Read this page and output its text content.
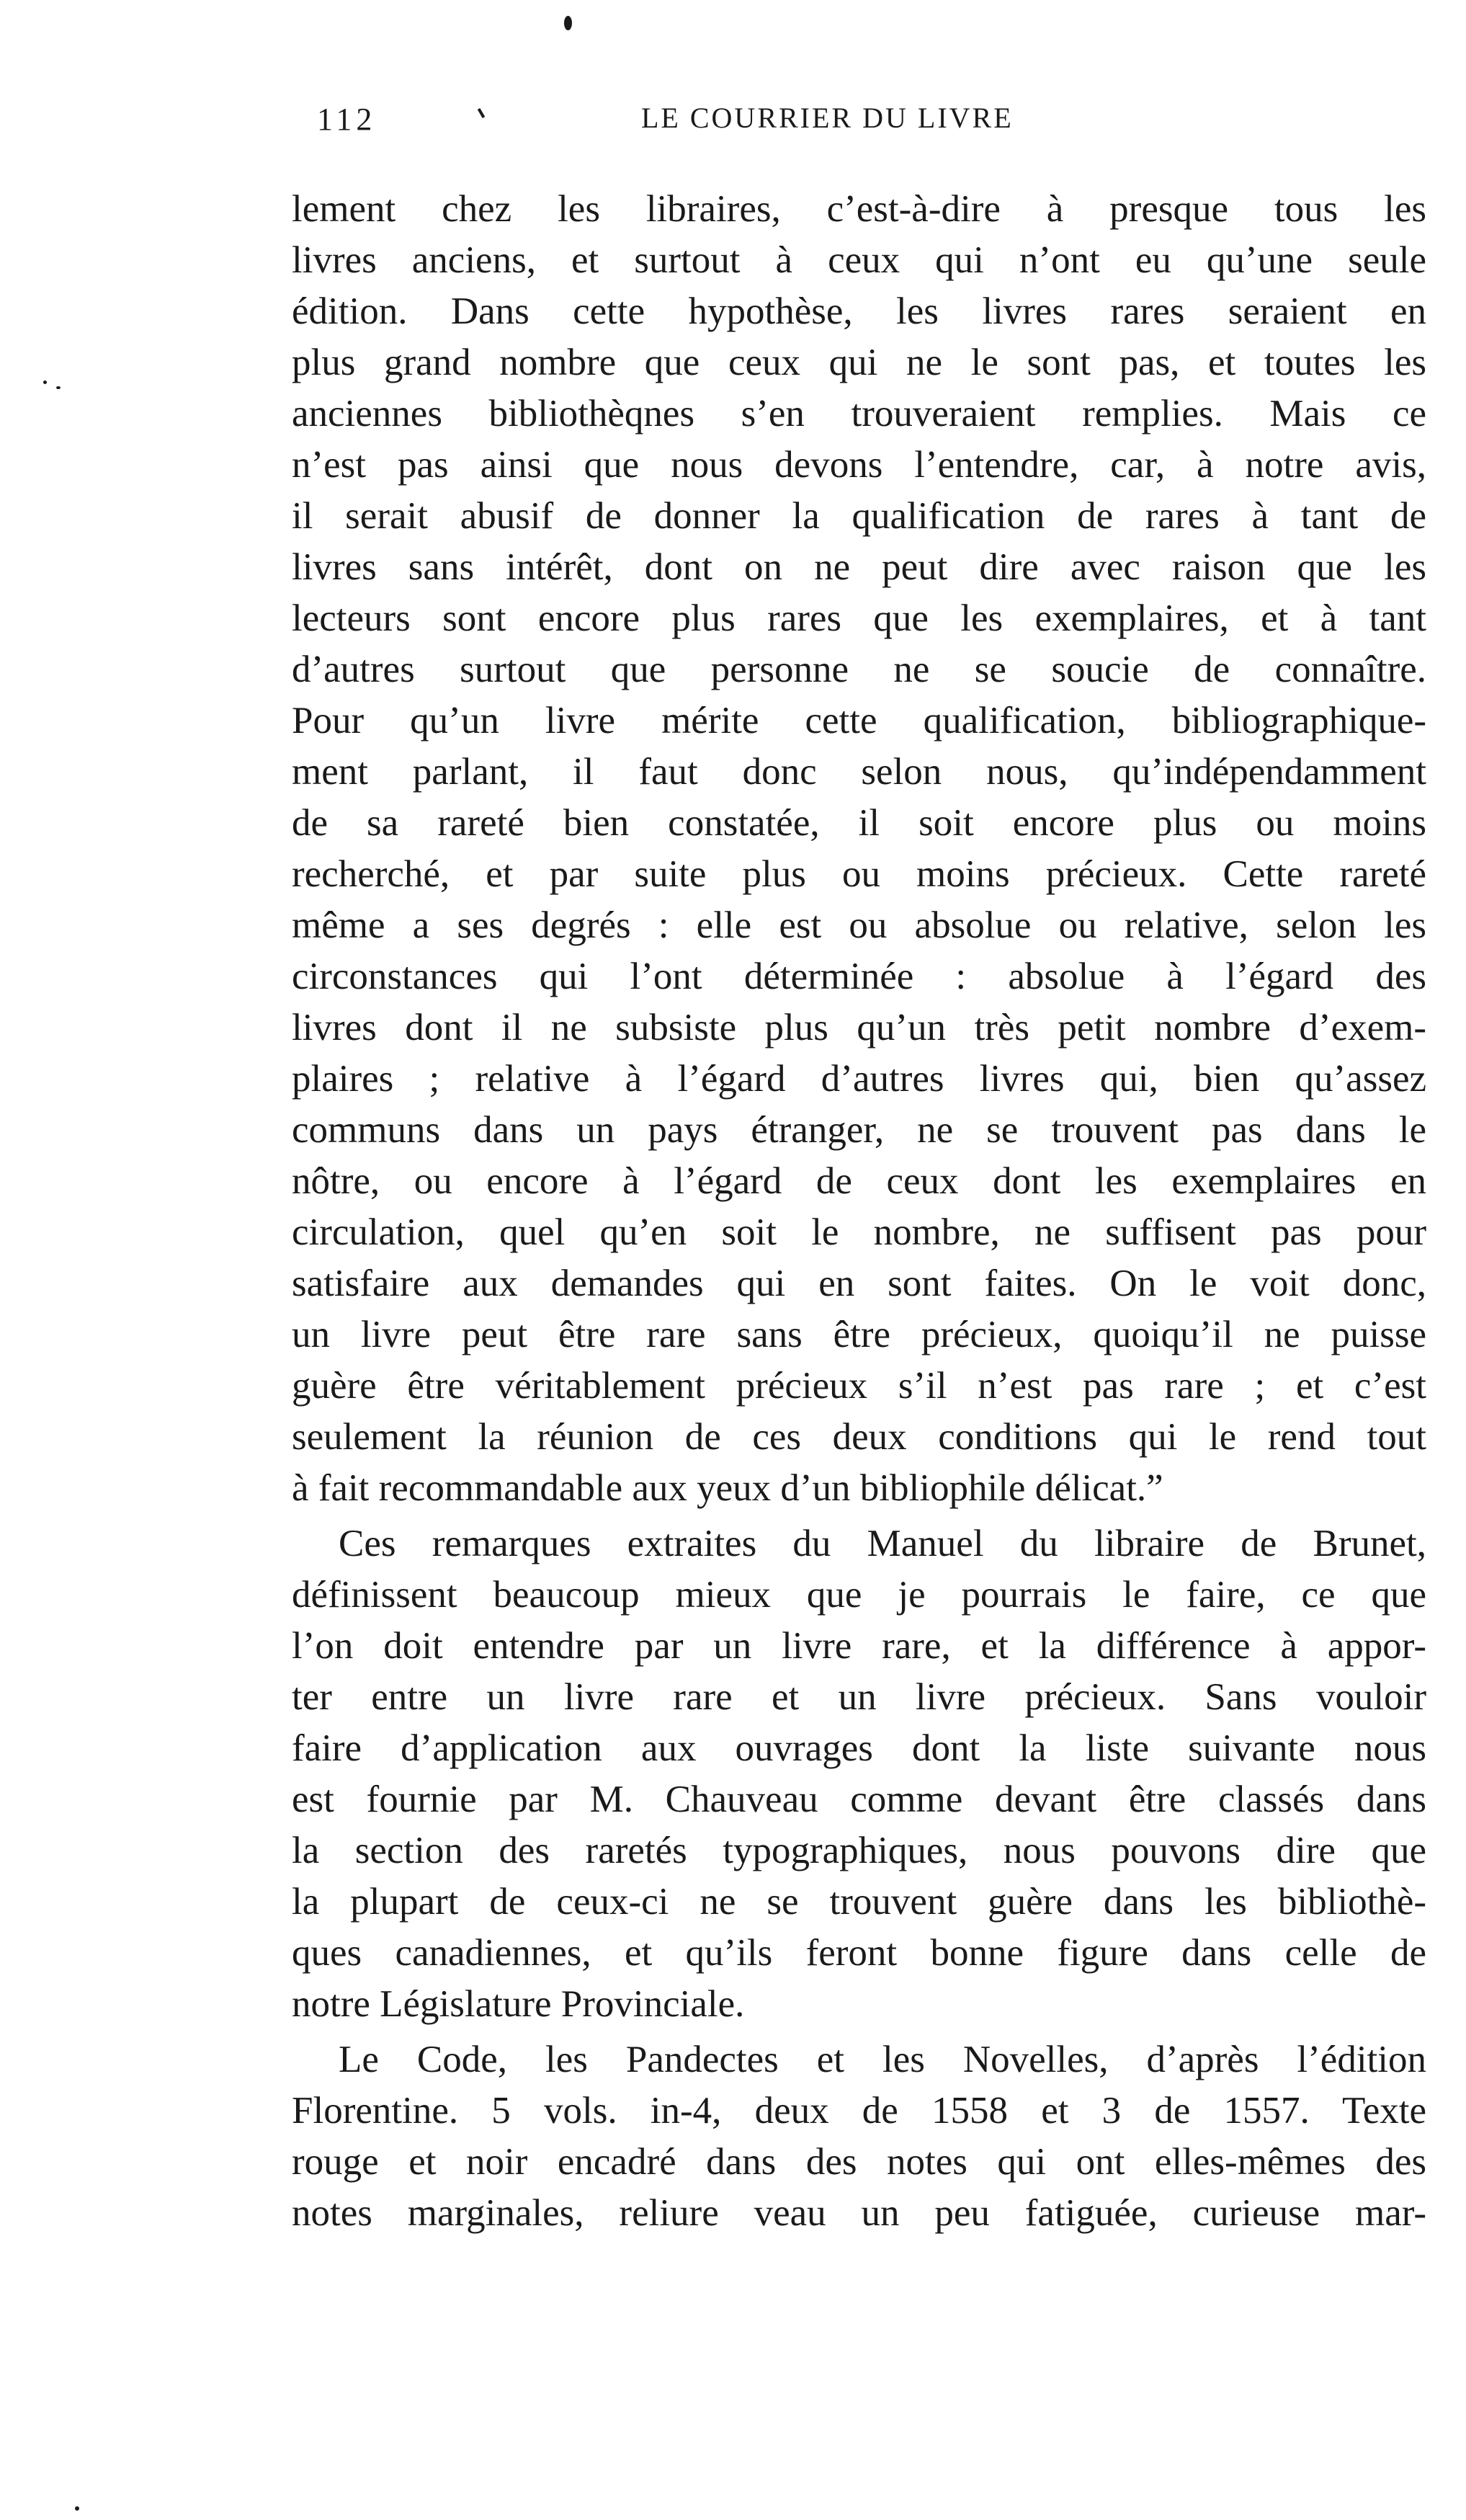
112	LE COURRIER DU LIVRE
lement chez les libraires, c’est-à-dire à presque tous les
livres anciens, et surtout à ceux qui n’ont eu qu’une seule
édition. Dans cette hypothèse, les livres rares seraient en
plus grand nombre que ceux qui ne le sont pas, et toutes les
anciennes bibliothèqnes s’en trouveraient remplies. Mais ce
n’est pas ainsi que nous devons l’entendre, car, à notre avis,
il serait abusif de donner la qualification de rares à tant de
livres sans intérêt, dont on ne peut dire avec raison que les
lecteurs sont encore plus rares que les exemplaires, et à tant
d’autres surtout que personne ne se soucie de connaître.
Pour qu’un livre mérite cette qualification, bibliographique-
ment parlant, il faut donc selon nous, qu’indépendamment
de sa rareté bien constatée, il soit encore plus ou moins
recherché, et par suite plus ou moins précieux. Cette rareté
même a ses degrés : elle est ou absolue ou relative, selon les
circonstances qui l’ont déterminée : absolue à l’égard des
livres dont il ne subsiste plus qu’un très petit nombre d’exem-
plaires ; relative à l’égard d’autres livres qui, bien qu’assez
communs dans un pays étranger, ne se trouvent pas dans le
nôtre, ou encore à l’égard de ceux dont les exemplaires en
circulation, quel qu’en soit le nombre, ne suffisent pas pour
satisfaire aux demandes qui en sont faites. On le voit donc,
un livre peut être rare sans être précieux, quoiqu’il ne puisse
guère être véritablement précieux s’il n’est pas rare ; et c’est
seulement la réunion de ces deux conditions qui le rend tout
à fait recommandable aux yeux d’un bibliophile délicat.”
Ces remarques extraites du Manuel du libraire de Brunet,
définissent beaucoup mieux que je pourrais le faire, ce que
l’on doit entendre par un livre rare, et la différence à appor-
ter entre un livre rare et un livre précieux. Sans vouloir
faire d’application aux ouvrages dont la liste suivante nous
est fournie par M. Chauveau comme devant être classés dans
la section des raretés typographiques, nous pouvons dire que
la plupart de ceux-ci ne se trouvent guère dans les bibliothè-
ques canadiennes, et qu’ils feront bonne figure dans celle de
notre Législature Provinciale.
Le Code, les Pandectes et les Novelles, d’après l’édition
Florentine. 5 vols. in-4, deux de 1558 et 3 de 1557. Texte
rouge et noir encadré dans des notes qui ont elles-mêmes des
notes marginales, reliure veau un peu fatiguée, curieuse mar-
